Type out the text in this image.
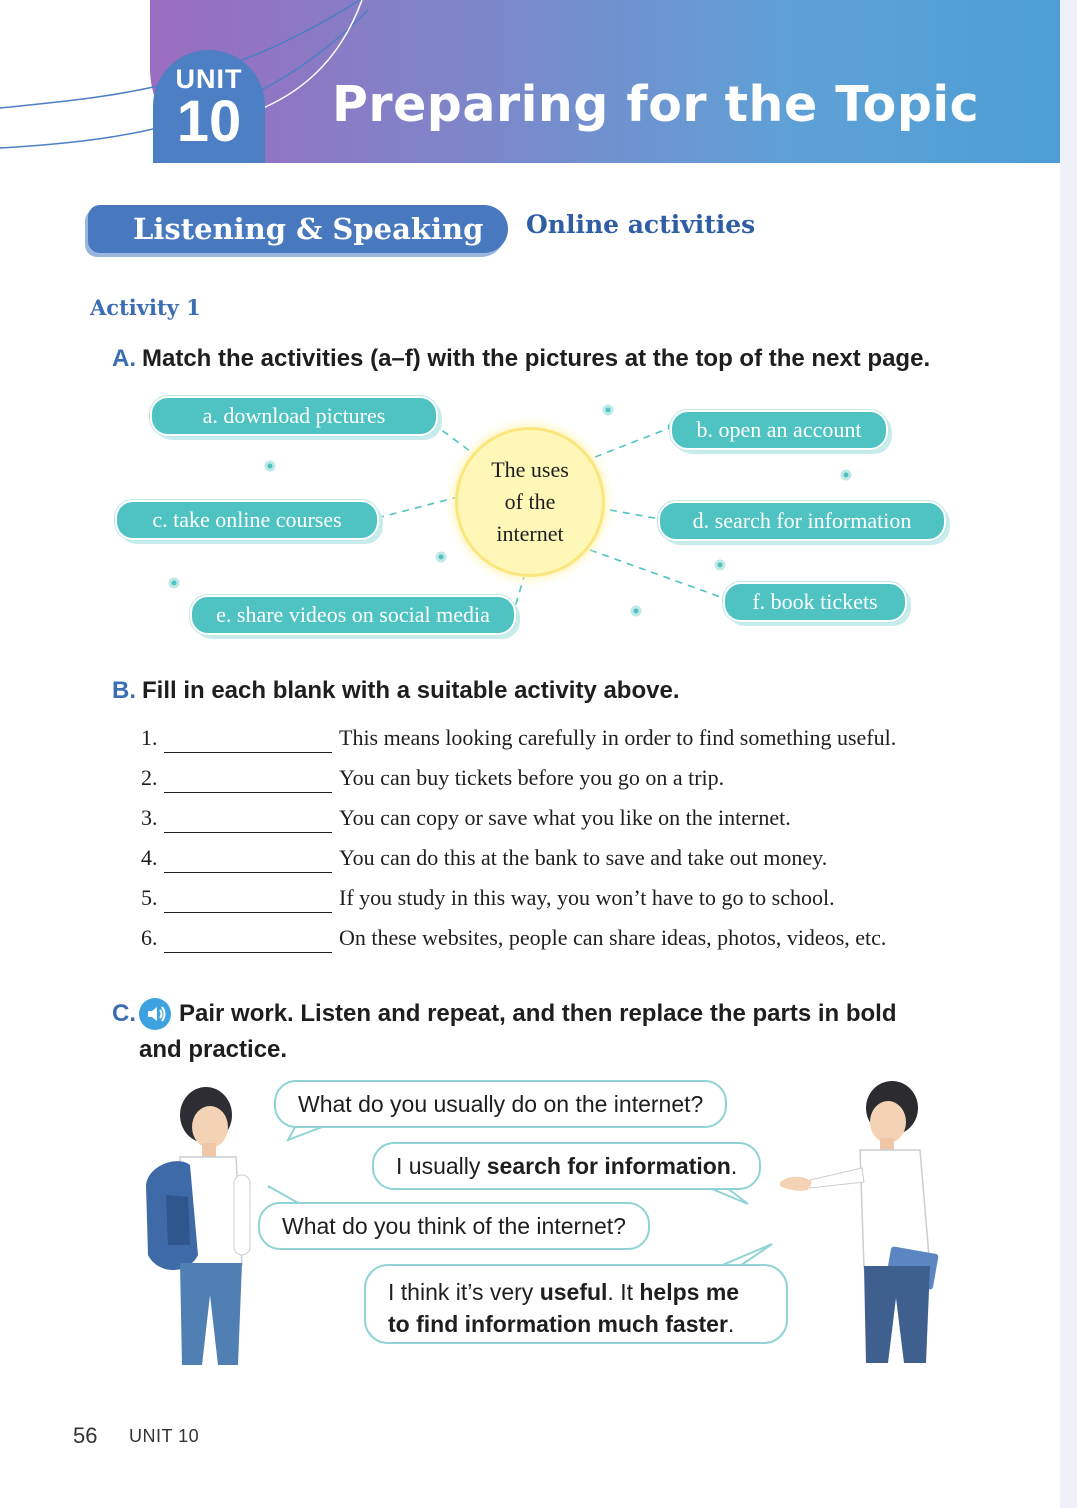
UNIT
10	Preparing for the Topic
Listening & Speaking	Online activities
Activity 1
A. Match the activities (a–f) with the pictures at the top of the next page.
a. download pictures
b. open an account
c. take online courses	d. search for information
e. share videos on social media
f. book tickets
The uses
of the
internet
B. Fill in each blank with a suitable activity above.
1.	This means looking carefully in order to find something useful.
2.	You can buy tickets before you go on a trip.
3.	You can copy or save what you like on the internet.
4.	You can do this at the bank to save and take out money.
5.	If you study in this way, you won’t have to go to school.
6.	On these websites, people can share ideas, photos, videos, etc.
C. Pair work. Listen and repeat, and then replace the parts in bold
and practice.
What do you usually do on the internet?
I usually search for information.
What do you think of the internet?
I think it’s very useful. It helps me
to find information much faster.
56 UNIT 10
